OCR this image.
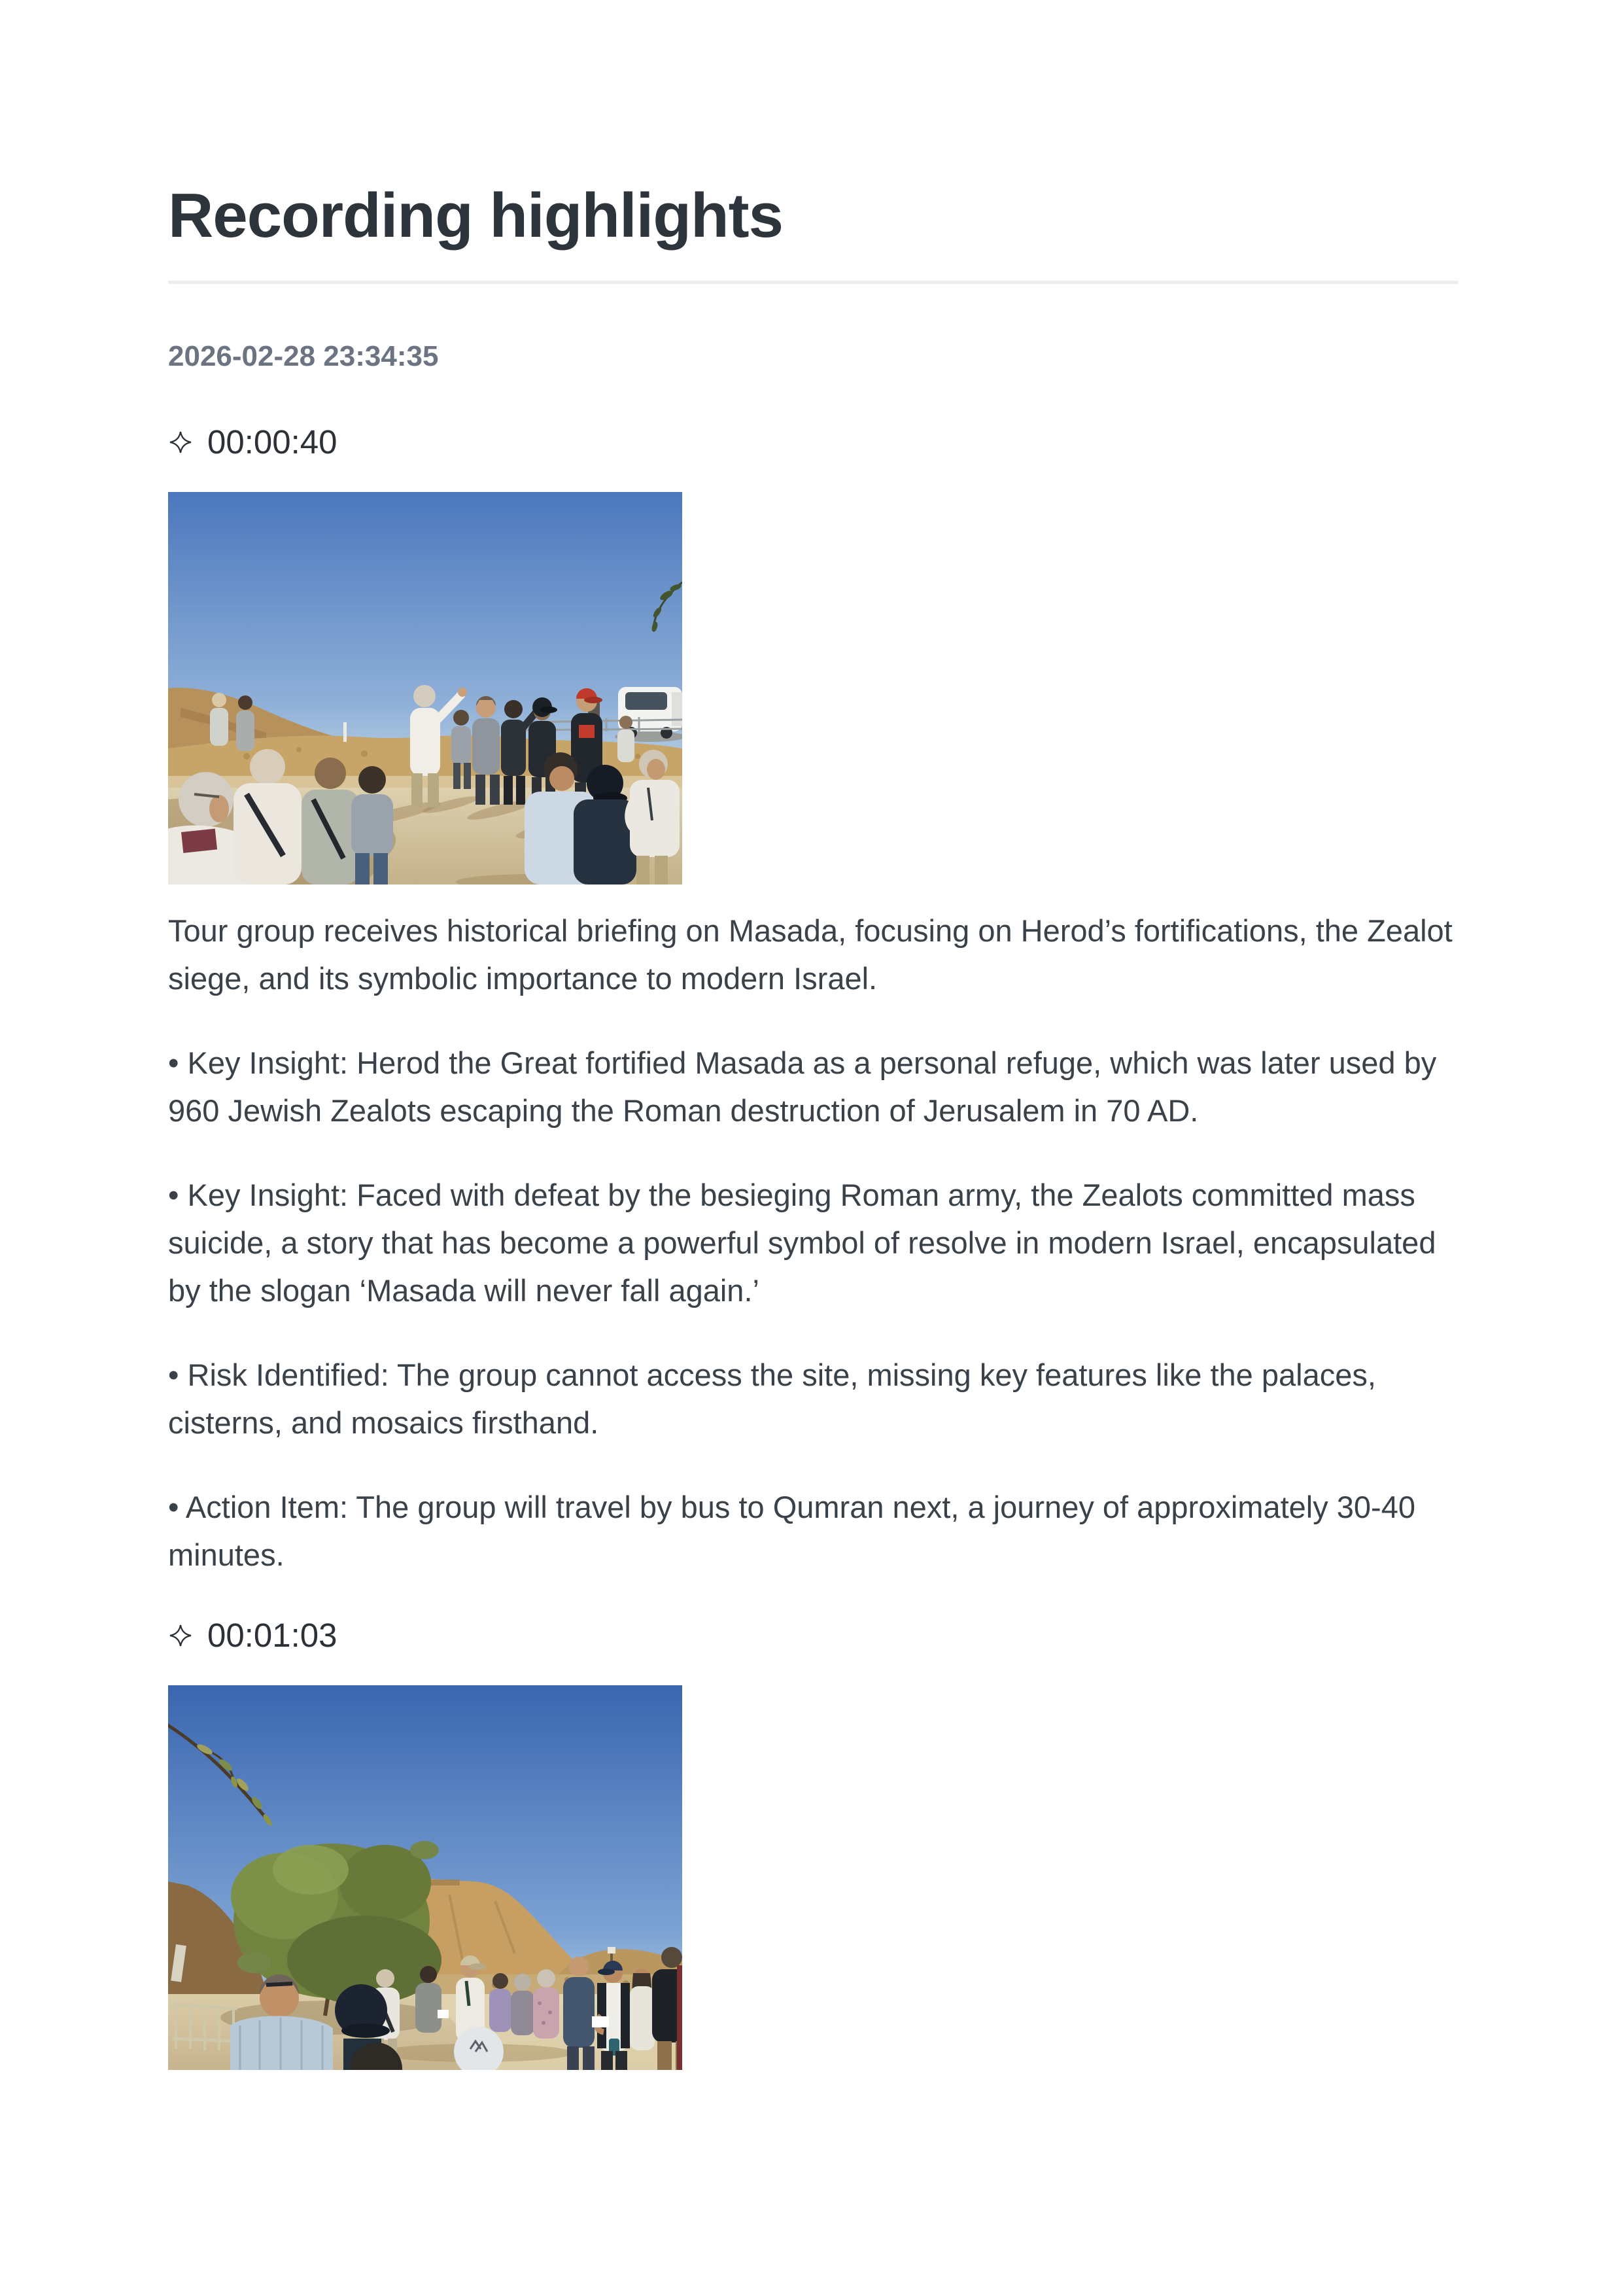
Recording highlights
2026-02-28 23:34:35
00:00:40

Tour group receives historical briefing on Masada, focusing on Herod’s fortifications, the Zealot siege, and its symbolic importance to modern Israel.

• Key Insight: Herod the Great fortified Masada as a personal refuge, which was later used by 960 Jewish Zealots escaping the Roman destruction of Jerusalem in 70 AD.

• Key Insight: Faced with defeat by the besieging Roman army, the Zealots committed mass suicide, a story that has become a powerful symbol of resolve in modern Israel, encapsulated by the slogan ‘Masada will never fall again.’

• Risk Identified: The group cannot access the site, missing key features like the palaces, cisterns, and mosaics firsthand.

• Action Item: The group will travel by bus to Qumran next, a journey of approximately 30-40 minutes.

00:01:03
